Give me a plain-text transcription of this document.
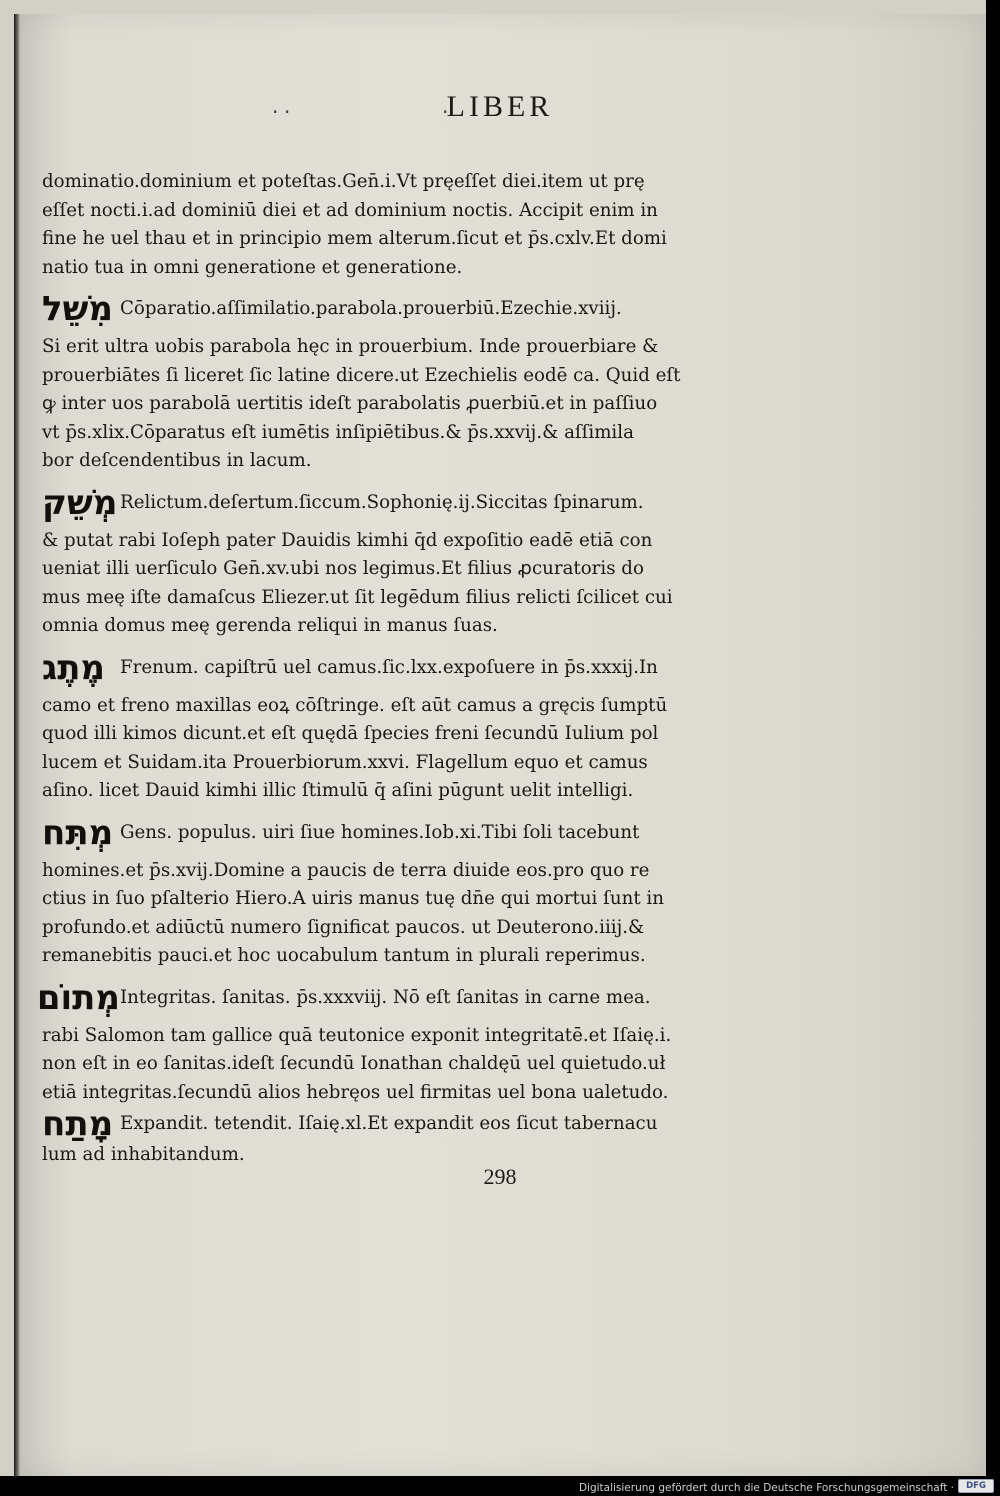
· ·	LIBER
·
dominatio.dominium et poteſtas.Gen̄.i.Vt pręeſſet diei.item ut prę
eſſet nocti.i.ad dominiū diei et ad dominium noctis. Accipit enim in
fine he uel thau et in principio mem alterum.ſicut et p̄s.cxlv.Et domi
natio tua in omni generatione et generatione.
מִשֵׁל Cōparatio.aſſimilatio.parabola.prouerbiū.Ezechie.xviij.
Si erit ultra uobis parabola hęc in prouerbium. Inde prouerbiare &
prouerbiātes ſi liceret ſic latine dicere.ut Ezechielis eodē ca. Quid eſt
ꝙ inter uos parabolā uertitis ideſt parabolatis ꝓuerbiū.et in paſſiuo
vt p̄s.xlix.Cōparatus eſt iumētis inſipiētibus.& p̄s.xxvij.& aſſimila
bor deſcendentibus in lacum.
מְשֵׁק Relictum.deſertum.ſiccum.Sophonię.ij.Siccitas ſpinarum.
& putat rabi Ioſeph pater Dauidis kimhi q̄d expoſitio eadē etiā con
ueniat illi uerſiculo Gen̄.xv.ubi nos legimus.Et filius ꝓcuratoris do
mus meę iſte damaſcus Eliezer.ut ſit legēdum filius relicti ſcilicet cui
omnia domus meę gerenda reliqui in manus ſuas.
מֶתֶג Frenum. capiſtrū uel camus.ſic.lxx.expoſuere in p̄s.xxxij.In
camo et freno maxillas eoꝝ cōſtringe. eſt aūt camus a gręcis ſumptū
quod illi kimos dicunt.et eſt quędā ſpecies freni ſecundū Iulium pol
lucem et Suidam.ita Prouerbiorum.xxvi. Flagellum equo et camus
aſino. licet Dauid kimhi illic ſtimulū q̄ aſini pūgunt uelit intelligi.
מְתִּח Gens. populus. uiri ſiue homines.Iob.xi.Tibi ſoli tacebunt
homines.et p̄s.xvij.Domine a paucis de terra diuide eos.pro quo re
ctius in ſuo pſalterio Hiero.A uiris manus tuę dn̄e qui mortui ſunt in
profundo.et adiūctū numero ſignificat paucos. ut Deuterono.iiij.&
remanebitis pauci.et hoc uocabulum tantum in plurali reperimus.
מְתוֹם Integritas. ſanitas. p̄s.xxxviij. Nō eſt ſanitas in carne mea.
rabi Salomon tam gallice quā teutonice exponit integritatē.et Iſaię.i.
non eſt in eo ſanitas.ideſt ſecundū Ionathan chaldęū uel quietudo.uł
etiā integritas.ſecundū alios hebręos uel firmitas uel bona ualetudo.
מָתַח Expandit. tetendit. Iſaię.xl.Et expandit eos ſicut tabernacu
lum ad inhabitandum.
298
Digitalisierung gefördert durch die Deutsche Forschungsgemeinschaft ·	DFG
